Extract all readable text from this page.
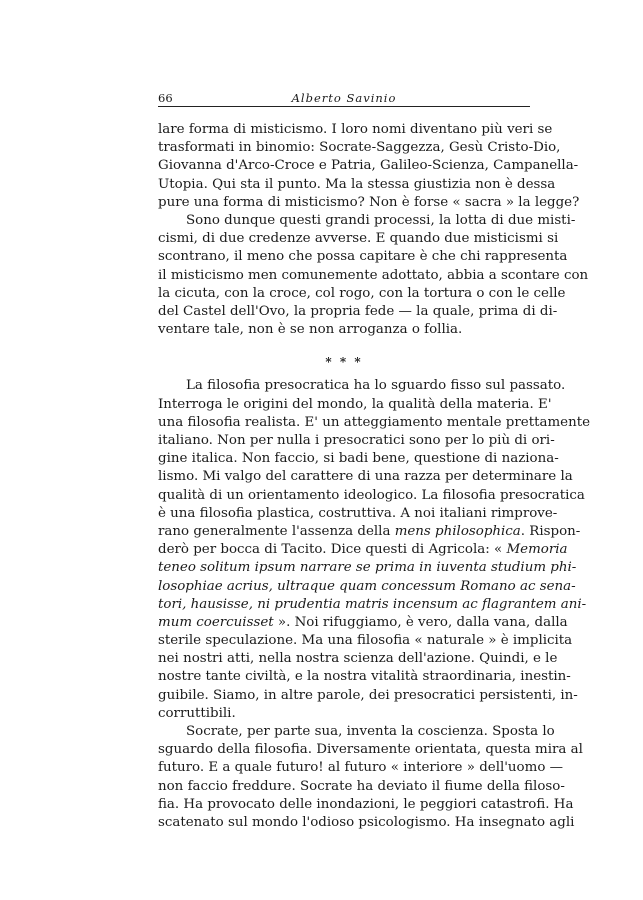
66	Alberto Savinio
lare forma di misticismo. I loro nomi diventano più veri se
trasformati in binomio: Socrate-Saggezza, Gesù Cristo-Dio,
Giovanna d'Arco-Croce e Patria, Galileo-Scienza, Campanella-
Utopia. Qui sta il punto. Ma la stessa giustizia non è dessa
pure una forma di misticismo? Non è forse « sacra » la legge?
Sono dunque questi grandi processi, la lotta di due misti-
cismi, di due credenze avverse. E quando due misticismi si
scontrano, il meno che possa capitare è che chi rappresenta
il misticismo men comunemente adottato, abbia a scontare con
la cicuta, con la croce, col rogo, con la tortura o con le celle
del Castel dell'Ovo, la propria fede — la quale, prima di di-
ventare tale, non è se non arroganza o follia.
* * *
La filosofia presocratica ha lo sguardo fisso sul passato.
Interroga le origini del mondo, la qualità della materia. E'
una filosofia realista. E' un atteggiamento mentale prettamente
italiano. Non per nulla i presocratici sono per lo più di ori-
gine italica. Non faccio, si badi bene, questione di naziona-
lismo. Mi valgo del carattere di una razza per determinare la
qualità di un orientamento ideologico. La filosofia presocratica
è una filosofia plastica, costruttiva. A noi italiani rimprove-
rano generalmente l'assenza della mens philosophica. Rispon-
derò per bocca di Tacito. Dice questi di Agricola: « Memoria
teneo solitum ipsum narrare se prima in iuventa studium phi-
losophiae acrius, ultraque quam concessum Romano ac sena-
tori, hausisse, ni prudentia matris incensum ac flagrantem ani-
mum coercuisset ». Noi rifuggiamo, è vero, dalla vana, dalla
sterile speculazione. Ma una filosofia « naturale » è implicita
nei nostri atti, nella nostra scienza dell'azione. Quindi, e le
nostre tante civiltà, e la nostra vitalità straordinaria, inestin-
guibile. Siamo, in altre parole, dei presocratici persistenti, in-
corruttibili.
Socrate, per parte sua, inventa la coscienza. Sposta lo
sguardo della filosofia. Diversamente orientata, questa mira al
futuro. E a quale futuro! al futuro « interiore » dell'uomo —
non faccio freddure. Socrate ha deviato il fiume della filoso-
fia. Ha provocato delle inondazioni, le peggiori catastrofi. Ha
scatenato sul mondo l'odioso psicologismo. Ha insegnato agli
